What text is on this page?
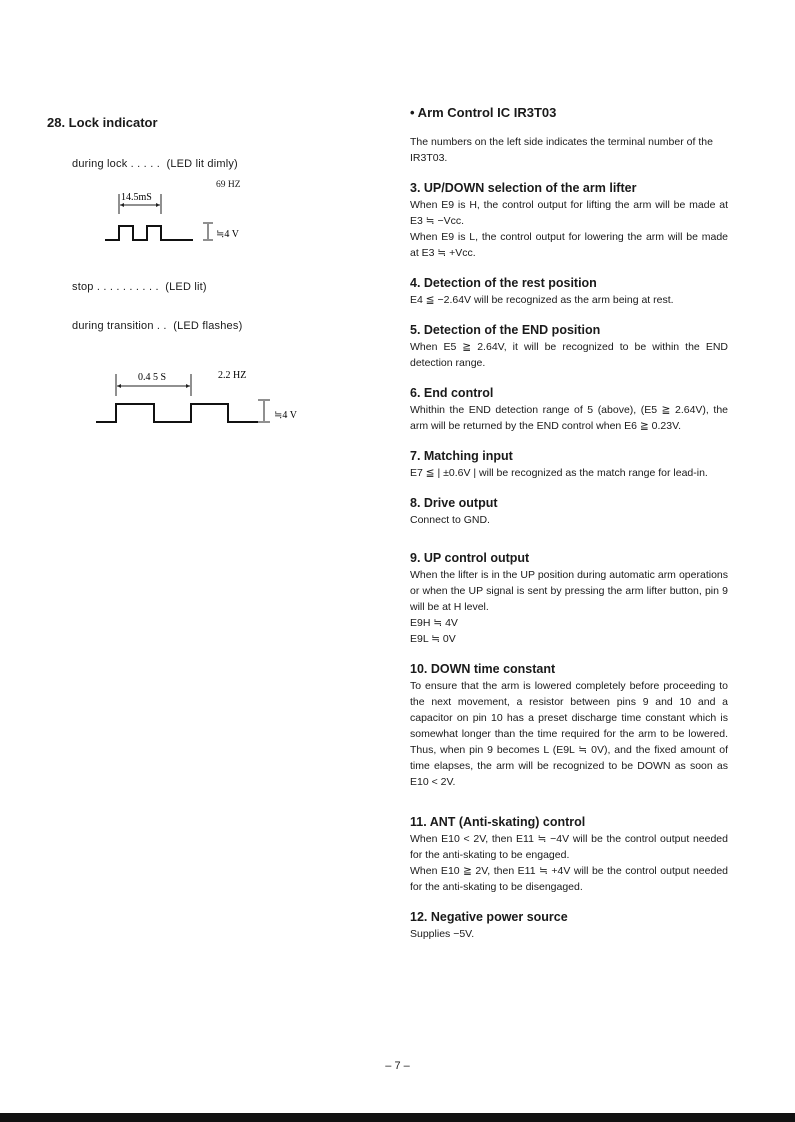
28. Lock indicator
during lock . . . . .  (LED lit dimly)
69 HZ
14.5mS
≒4 V
stop . . . . . . . . . .  (LED lit)
during transition . .  (LED flashes)
0.4 5 S	2.2 HZ
≒4 V
• Arm Control IC IR3T03
The numbers on the left side indicates the terminal number of the IR3T03.
3. UP/DOWN selection of the arm lifter

When E9 is H, the control output for lifting the arm will be made at E3 ≒ −Vcc.

When E9 is L, the control output for lowering the arm will be made at E3 ≒ +Vcc.

4. Detection of the rest position

E4 ≦ −2.64V will be recognized as the arm being at rest.

5. Detection of the END position

When E5 ≧ 2.64V, it will be recognized to be within the END detection range.

6. End control

Whithin the END detection range of 5 (above), (E5 ≧ 2.64V), the arm will be returned by the END control when E6 ≧ 0.23V.

7. Matching input

E7 ≦ | ±0.6V | will be recognized as the match range for lead-in.

8. Drive output

Connect to GND.

9. UP control output

When the lifter is in the UP position during automatic arm operations or when the UP signal is sent by pressing the arm lifter button, pin 9 will be at H level.

E9H ≒ 4V
E9L ≒ 0V
10. DOWN time constant

To ensure that the arm is lowered completely before proceeding to the next movement, a resistor between pins 9 and 10 and a capacitor on pin 10 has a preset discharge time constant which is somewhat longer than the time required for the arm to be lowered. Thus, when pin 9 becomes L (E9L ≒ 0V), and the fixed amount of time elapses, the arm will be recognized to be DOWN as soon as E10 < 2V.

11. ANT (Anti-skating) control

When E10 < 2V, then E11 ≒ −4V will be the control output needed for the anti-skating to be engaged.

When E10 ≧ 2V, then E11 ≒ +4V will be the control output needed for the anti-skating to be disengaged.

12. Negative power source

Supplies −5V.

– 7 –
